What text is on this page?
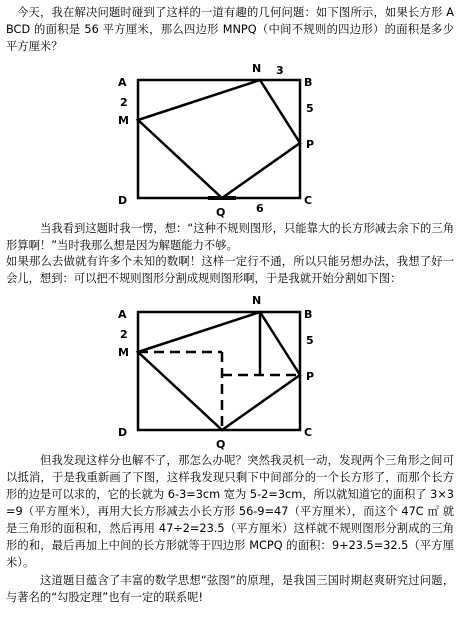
今天，我在解决问题时碰到了这样的一道有趣的几何问题：如下图所示，如果长方形 ABCD 的面积是 56 平方厘米，那么四边形 MNPQ（中间不规则的四边形）的面积是多少平方厘米？

A
N 3
B
2
M
5
P
D
Q	6
C

当我看到这题时我一愣，想：“这种不规则图形，只能靠大的长方形减去余下的三角形算啊！”当时我那么想是因为解题能力不够。

如果那么去做就有许多个未知的数啊！这样一定行不通，所以只能另想办法，我想了好一会儿，想到：可以把不规则图形分割成规则图形啊，于是我就开始分割如下图：

A
N
B
2
M
5
P
D
Q
C

但我发现这样分也解不了，那怎么办呢？突然我灵机一动，发现两个三角形之间可以抵消，于是我重新画了下图，这样我发现只剩下中间部分的一个长方形了，而那个长方形的边是可以求的，它的长就为 6-3=3cm 宽为 5-2=3cm，所以就知道它的面积了 3×3=9（平方厘米），再用大长方形减去小长方形 56-9=47（平方厘米），而这个 47C ㎡ 就是三角形的面积和，然后再用 47÷2=23.5（平方厘米）这样就不规则图形分割成的三角形的和，最后再加上中间的长方形就等于四边形 MCPQ 的面积：9+23.5=32.5（平方厘米）。

这道题目蕴含了丰富的数学思想“弦图”的原理，是我国三国时期赵爽研究过问题，与著名的“勾股定理”也有一定的联系呢!
